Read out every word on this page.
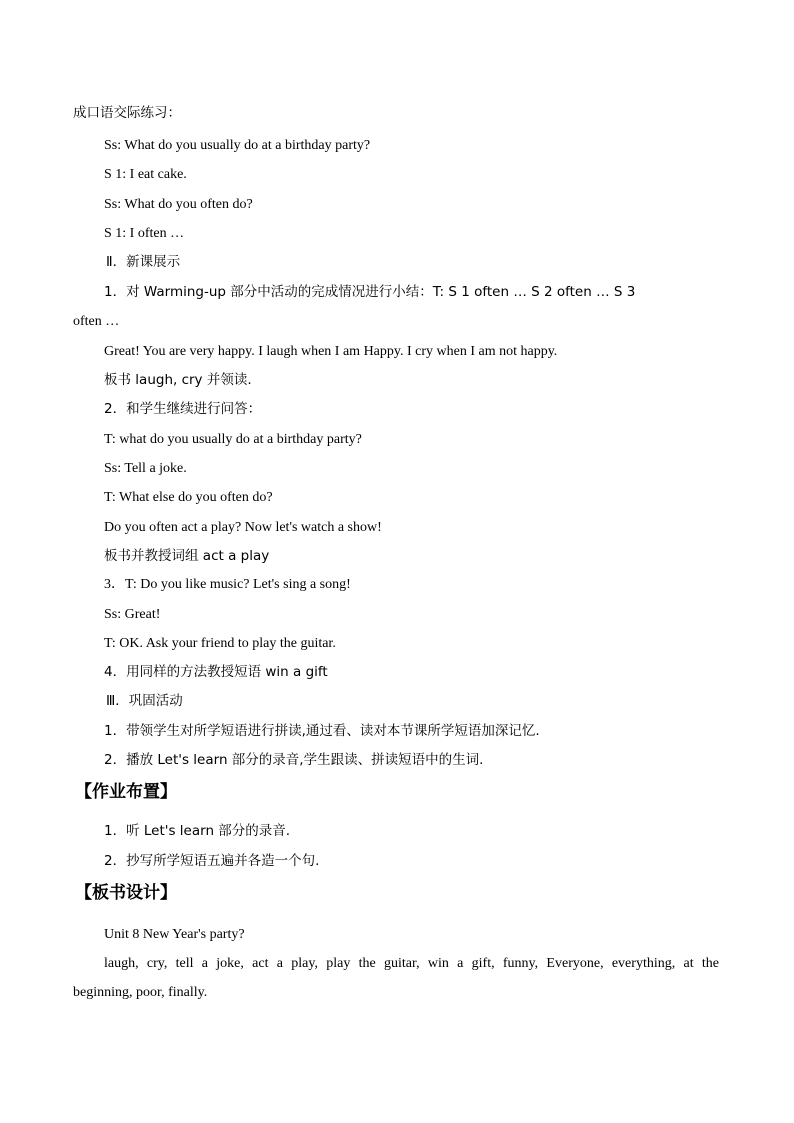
成口语交际练习：
Ss: What do you usually do at a birthday party?
S 1: I eat cake.
Ss: What do you often do?
S 1: I often …
Ⅱ．新课展示
1．对 Warming-up 部分中活动的完成情况进行小结：T: S 1 often … S 2 often … S 3
often …
Great! You are very happy. I laugh when I am Happy. I cry when I am not happy.
板书 laugh, cry 并领读.
2．和学生继续进行问答：
T: what do you usually do at a birthday party?
Ss: Tell a joke.
T: What else do you often do?
Do you often act a play? Now let's watch a show!
板书并教授词组 act a play
3．T: Do you like music? Let's sing a song!
Ss: Great!
T: OK. Ask your friend to play the guitar.
4．用同样的方法教授短语 win a gift
Ⅲ．巩固活动
1．带领学生对所学短语进行拼读,通过看、读对本节课所学短语加深记忆.
2．播放 Let's learn 部分的录音,学生跟读、拼读短语中的生词.
【作业布置】
1．听 Let's learn 部分的录音.
2．抄写所学短语五遍并各造一个句.
【板书设计】
Unit 8 New Year's party?
laugh, cry, tell a joke, act a play, play the guitar, win a gift, funny, Everyone, everything, at the
beginning, poor, finally.
